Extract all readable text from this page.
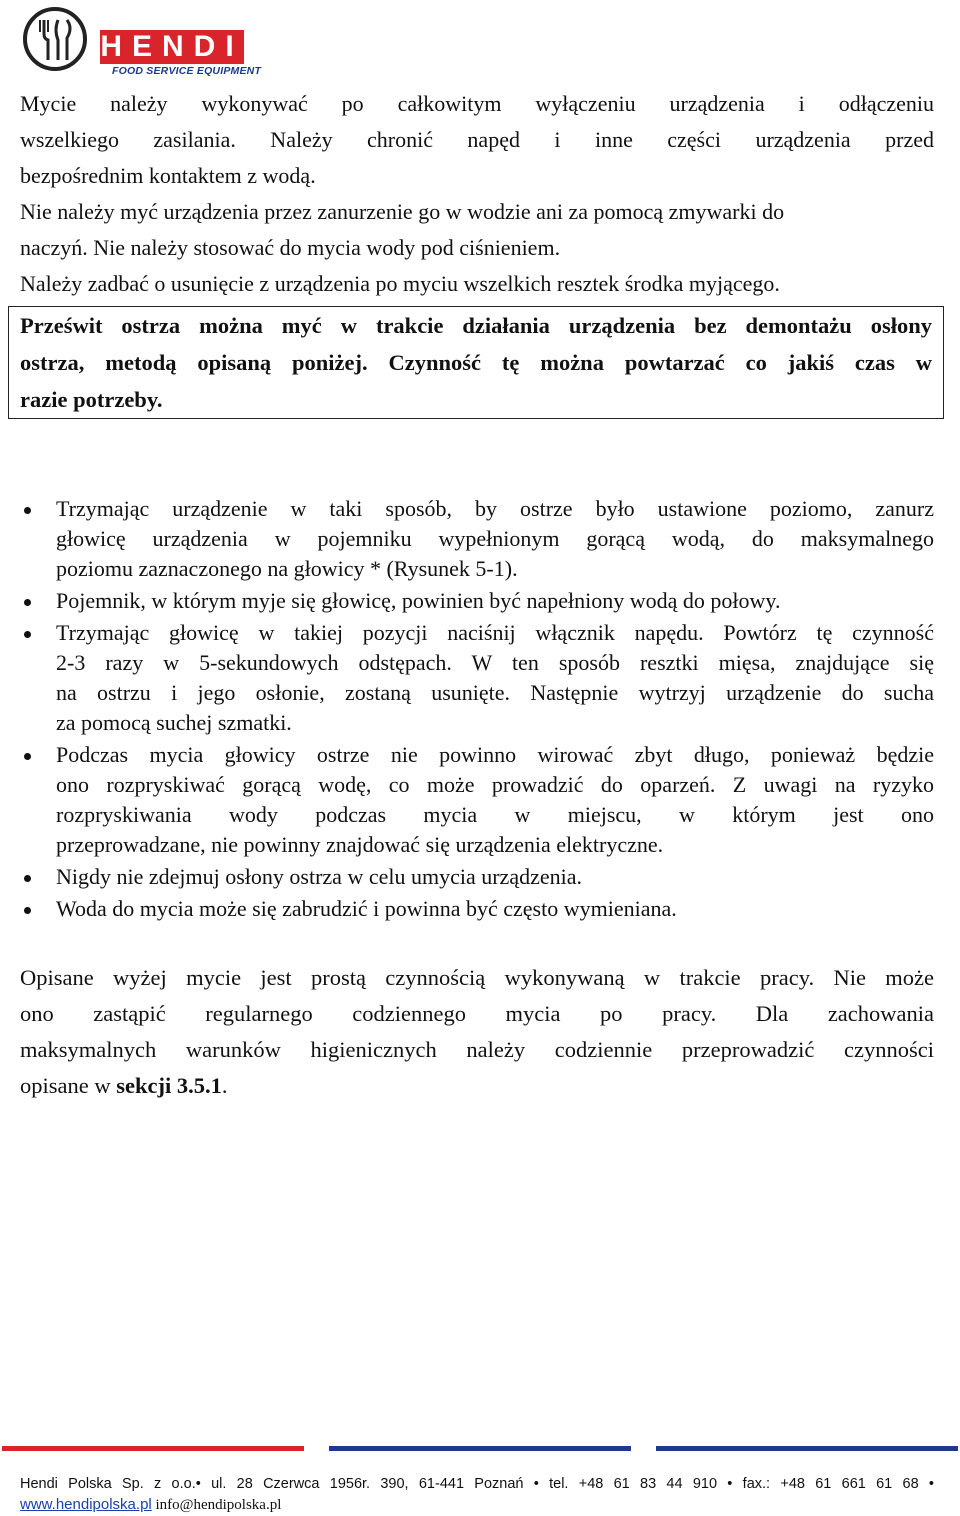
HENDI
FOOD SERVICE EQUIPMENT
Mycie należy wykonywać po całkowitym wyłączeniu urządzenia i odłączeniu
wszelkiego zasilania. Należy chronić napęd i inne części urządzenia przed
bezpośrednim kontaktem z wodą.
Nie należy myć urządzenia przez zanurzenie go w wodzie ani za pomocą zmywarki do
naczyń. Nie należy stosować do mycia wody pod ciśnieniem.
Należy zadbać o usunięcie z urządzenia po myciu wszelkich resztek środka myjącego.
Prześwit ostrza można myć w trakcie działania urządzenia bez demontażu osłony
ostrza, metodą opisaną poniżej. Czynność tę można powtarzać co jakiś czas w
razie potrzeby.
Trzymając urządzenie w taki sposób, by ostrze było ustawione poziomo, zanurz
głowicę urządzenia w pojemniku wypełnionym gorącą wodą, do maksymalnego
poziomu zaznaczonego na głowicy * (Rysunek 5-1).
Pojemnik, w którym myje się głowicę, powinien być napełniony wodą do połowy.
Trzymając głowicę w takiej pozycji naciśnij włącznik napędu. Powtórz tę czynność
2-3 razy w 5-sekundowych odstępach. W ten sposób resztki mięsa, znajdujące się
na ostrzu i jego osłonie, zostaną usunięte. Następnie wytrzyj urządzenie do sucha
za pomocą suchej szmatki.
Podczas mycia głowicy ostrze nie powinno wirować zbyt długo, ponieważ będzie
ono rozpryskiwać gorącą wodę, co może prowadzić do oparzeń. Z uwagi na ryzyko
rozpryskiwania wody podczas mycia w miejscu, w którym jest ono
przeprowadzane, nie powinny znajdować się urządzenia elektryczne.
Nigdy nie zdejmuj osłony ostrza w celu umycia urządzenia.
Woda do mycia może się zabrudzić i powinna być często wymieniana.
Opisane wyżej mycie jest prostą czynnością wykonywaną w trakcie pracy. Nie może
ono zastąpić regularnego codziennego mycia po pracy. Dla zachowania
maksymalnych warunków higienicznych należy codziennie przeprowadzić czynności
opisane w sekcji 3.5.1.
Hendi Polska Sp. z o.o.• ul. 28 Czerwca 1956r. 390, 61-441 Poznań • tel. +48 61 83 44 910 • fax.: +48 61 661 61 68 •
www.hendipolska.pl info@hendipolska.pl
